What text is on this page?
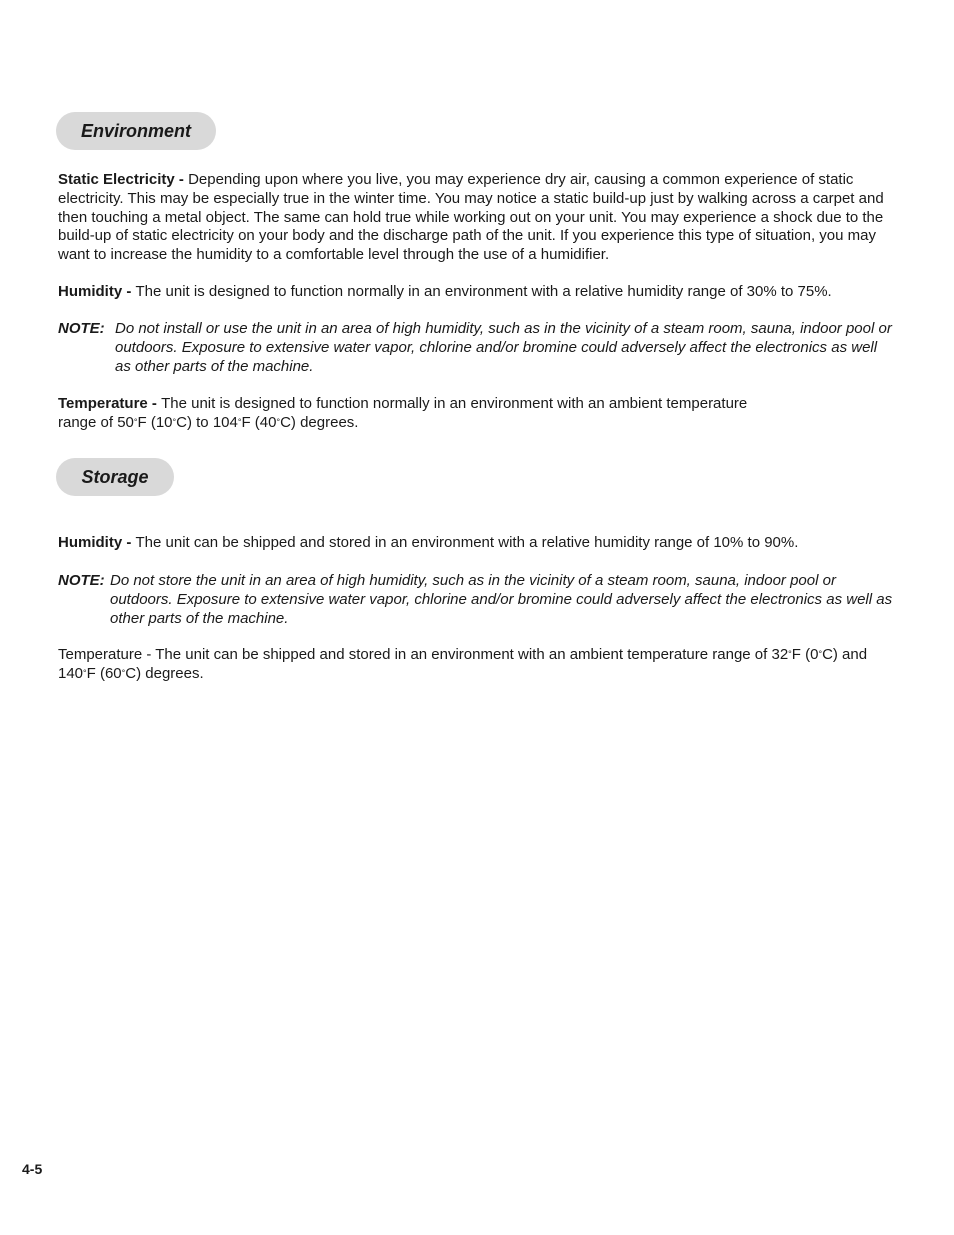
Environment

Static Electricity - Depending upon where you live, you may experience dry air, causing a common experience of static electricity. This may be especially true in the winter time. You may notice a static build-up just by walking across a carpet and then touching a metal object. The same can hold true while working out on your unit. You may experience a shock due to the build-up of static electricity on your body and the discharge path of the unit. If you experience this type of situation, you may want to increase the humidity to a comfortable level through the use of a humidifier.

Humidity - The unit is designed to function normally in an environment with a relative humidity range of 30% to 75%.

NOTE: Do not install or use the unit in an area of high humidity, such as in the vicinity of a steam room, sauna, indoor pool or outdoors. Exposure to extensive water vapor, chlorine and/or bromine could adversely affect the electronics as well as other parts of the machine.

Temperature - The unit is designed to function normally in an environment with an ambient temperature range of 50°F (10°C) to 104°F (40°C) degrees.

Storage

Humidity - The unit can be shipped and stored in an environment with a relative humidity range of 10% to 90%.

NOTE: Do not store the unit in an area of high humidity, such as in the vicinity of a steam room, sauna, indoor pool or outdoors. Exposure to extensive water vapor, chlorine and/or bromine could adversely affect the electronics as well as other parts of the machine.

Temperature - The unit can be shipped and stored in an environment with an ambient temperature range of 32°F (0°C) and 140°F (60°C) degrees.

4-5
